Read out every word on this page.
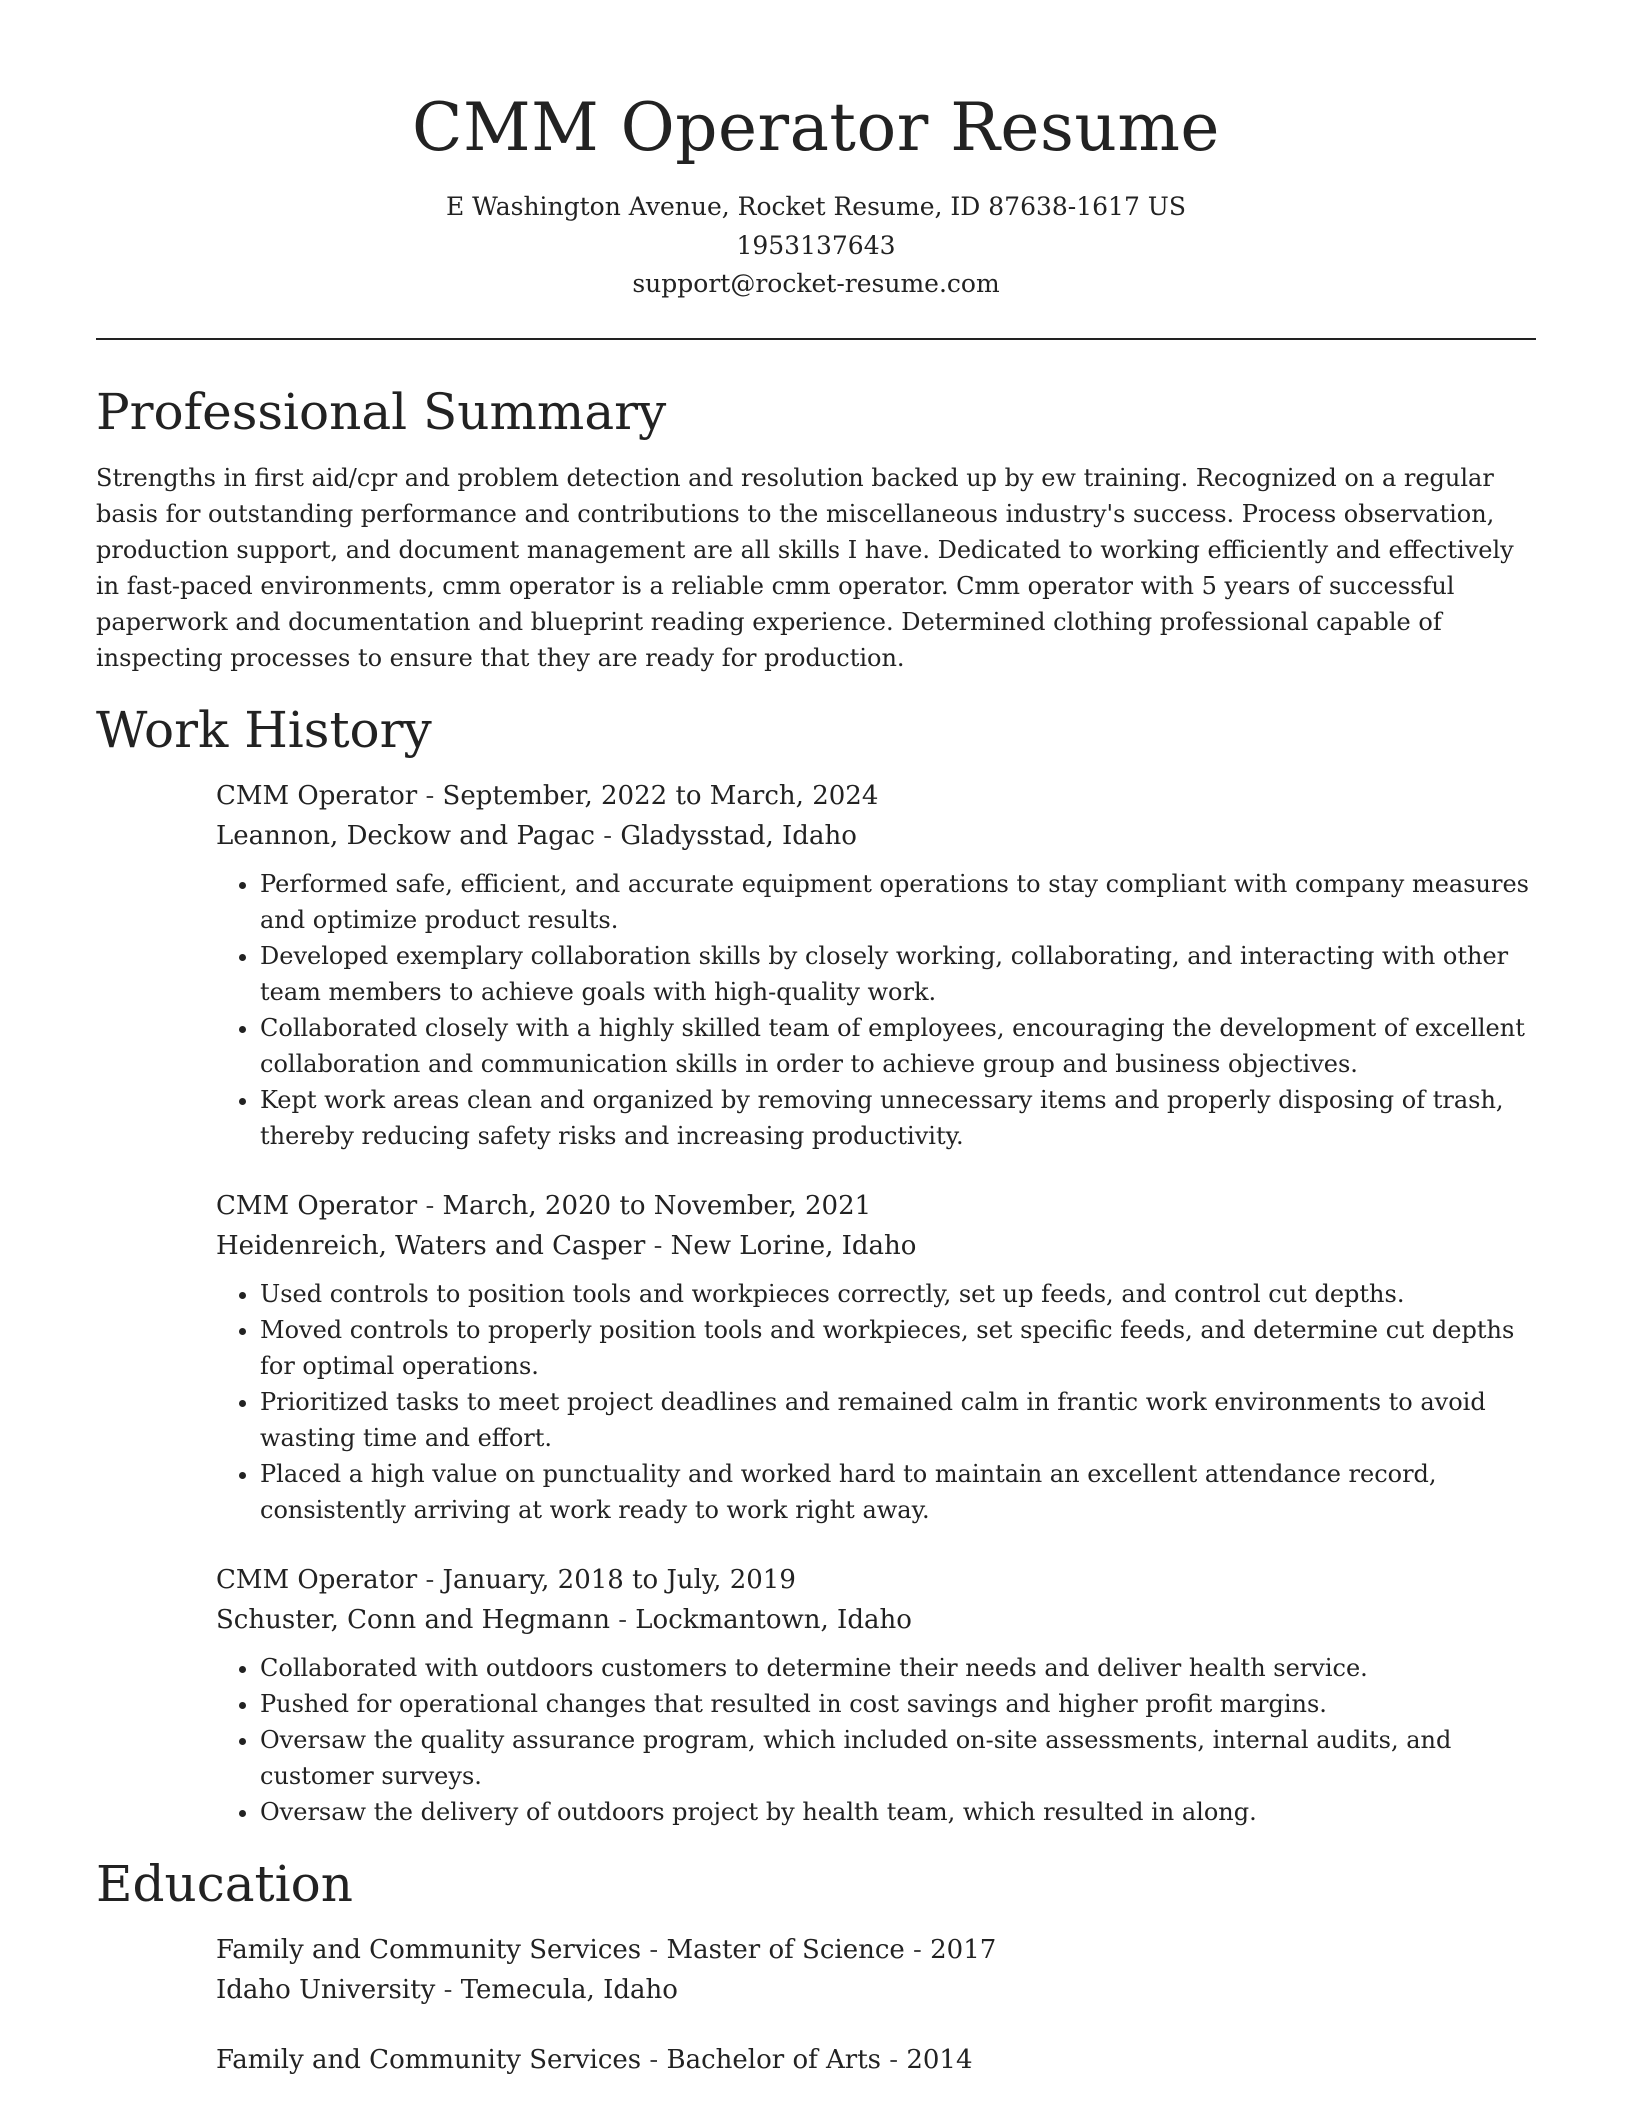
CMM Operator Resume
E Washington Avenue, Rocket Resume, ID 87638-1617 US
1953137643
support@rocket-resume.com
Professional Summary

Strengths in first aid/cpr and problem detection and resolution backed up by ew training. Recognized on a regular basis for outstanding performance and contributions to the miscellaneous industry's success. Process observation, production support, and document management are all skills I have. Dedicated to working efficiently and effectively in fast-paced environments, cmm operator is a reliable cmm operator. Cmm operator with 5 years of successful paperwork and documentation and blueprint reading experience. Determined clothing professional capable of inspecting processes to ensure that they are ready for production.

Work History
CMM Operator - September, 2022 to March, 2024
Leannon, Deckow and Pagac - Gladysstad, Idaho
• Performed safe, efficient, and accurate equipment operations to stay compliant with company measures and optimize product results.
• Developed exemplary collaboration skills by closely working, collaborating, and interacting with other team members to achieve goals with high-quality work.
• Collaborated closely with a highly skilled team of employees, encouraging the development of excellent collaboration and communication skills in order to achieve group and business objectives.
• Kept work areas clean and organized by removing unnecessary items and properly disposing of trash, thereby reducing safety risks and increasing productivity.
CMM Operator - March, 2020 to November, 2021
Heidenreich, Waters and Casper - New Lorine, Idaho
• Used controls to position tools and workpieces correctly, set up feeds, and control cut depths.
• Moved controls to properly position tools and workpieces, set specific feeds, and determine cut depths for optimal operations.
• Prioritized tasks to meet project deadlines and remained calm in frantic work environments to avoid wasting time and effort.
• Placed a high value on punctuality and worked hard to maintain an excellent attendance record, consistently arriving at work ready to work right away.
CMM Operator - January, 2018 to July, 2019
Schuster, Conn and Hegmann - Lockmantown, Idaho
• Collaborated with outdoors customers to determine their needs and deliver health service.
• Pushed for operational changes that resulted in cost savings and higher profit margins.
• Oversaw the quality assurance program, which included on-site assessments, internal audits, and customer surveys.
• Oversaw the delivery of outdoors project by health team, which resulted in along.
Education
Family and Community Services - Master of Science - 2017
Idaho University - Temecula, Idaho
Family and Community Services - Bachelor of Arts - 2014
